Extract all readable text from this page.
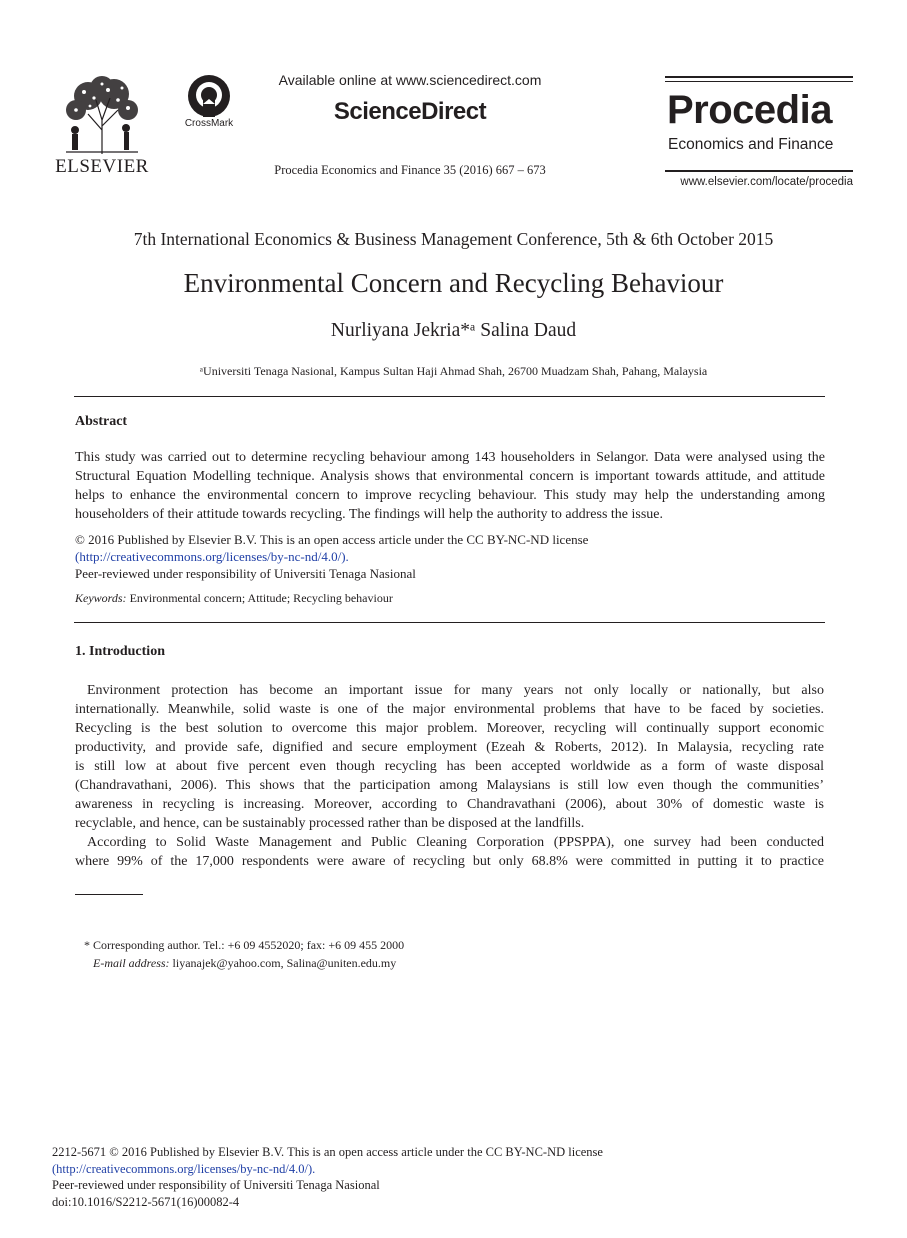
ELSEVIER
CrossMark
Available online at www.sciencedirect.com
ScienceDirect
Procedia Economics and Finance 35 (2016) 667 – 673
Procedia
Economics and Finance
www.elsevier.com/locate/procedia
7th International Economics & Business Management Conference, 5th & 6th October 2015
Environmental Concern and Recycling Behaviour
Nurliyana Jekria*ᵃ Salina Daud
ᵃUniversiti Tenaga Nasional, Kampus Sultan Haji Ahmad Shah, 26700 Muadzam Shah, Pahang, Malaysia
Abstract
This study was carried out to determine recycling behaviour among 143 householders in Selangor. Data were analysed using the
Structural Equation Modelling technique. Analysis shows that environmental concern is important towards attitude, and attitude
helps to enhance the environmental concern to improve recycling behaviour. This study may help the understanding among
householders of their attitude towards recycling. The findings will help the authority to address the issue.
© 2016 Published by Elsevier B.V. This is an open access article under the CC BY-NC-ND license
(http://creativecommons.org/licenses/by-nc-nd/4.0/).
Peer-reviewed under responsibility of Universiti Tenaga Nasional
Keywords: Environmental concern; Attitude; Recycling behaviour
1. Introduction
Environment protection has become an important issue for many years not only locally or nationally, but also
internationally. Meanwhile, solid waste is one of the major environmental problems that have to be faced by societies.
Recycling is the best solution to overcome this major problem. Moreover, recycling will continually support economic
productivity, and provide safe, dignified and secure employment (Ezeah & Roberts, 2012). In Malaysia, recycling rate
is still low at about five percent even though recycling has been accepted worldwide as a form of waste disposal
(Chandravathani, 2006). This shows that the participation among Malaysians is still low even though the communities’
awareness in recycling is increasing. Moreover, according to Chandravathani (2006), about 30% of domestic waste is
recyclable, and hence, can be sustainably processed rather than be disposed at the landfills.
According to Solid Waste Management and Public Cleaning Corporation (PPSPPA), one survey had been conducted
where 99% of the 17,000 respondents were aware of recycling but only 68.8% were committed in putting it to practice
* Corresponding author. Tel.: +6 09 4552020; fax: +6 09 455 2000
E-mail address: liyanajek@yahoo.com, Salina@uniten.edu.my
2212-5671 © 2016 Published by Elsevier B.V. This is an open access article under the CC BY-NC-ND license
(http://creativecommons.org/licenses/by-nc-nd/4.0/).
Peer-reviewed under responsibility of Universiti Tenaga Nasional
doi:10.1016/S2212-5671(16)00082-4
